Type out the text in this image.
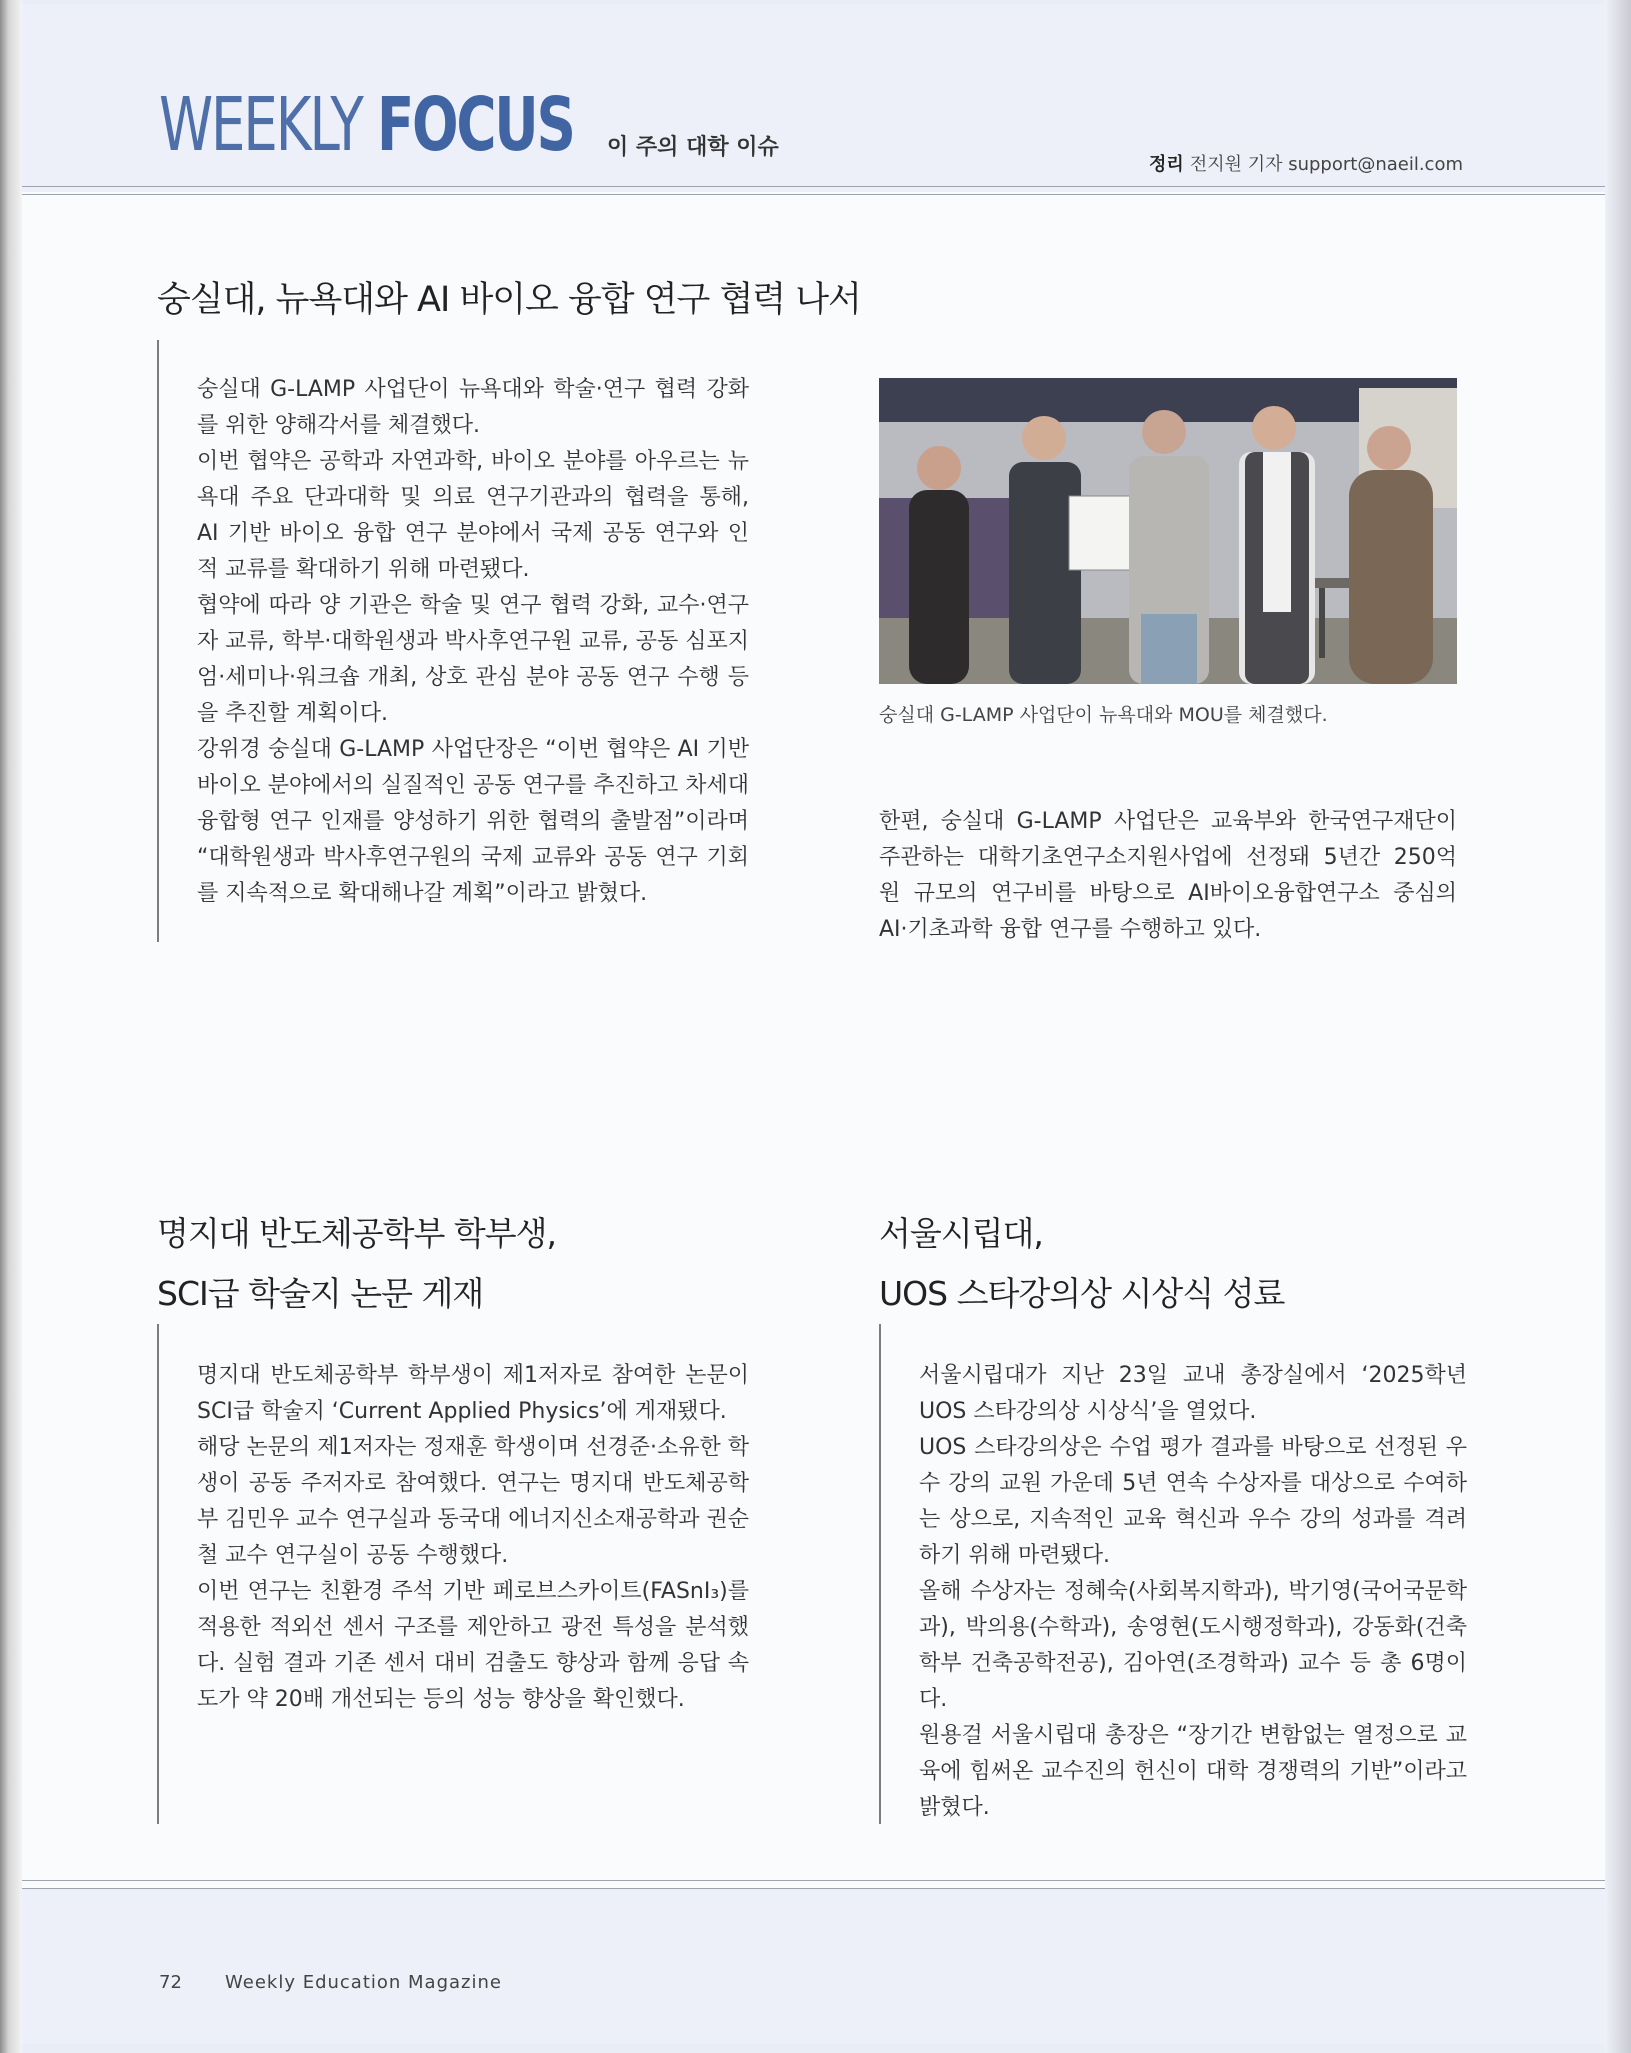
WEEKLY FOCUS 이 주의 대학 이슈
정리 전지원 기자 support@naeil.com
숭실대, 뉴욕대와 AI 바이오 융합 연구 협력 나서

숭실대 G-LAMP 사업단이 뉴욕대와 학술·연구 협력 강화를 위한 양해각서를 체결했다.

이번 협약은 공학과 자연과학, 바이오 분야를 아우르는 뉴욕대 주요 단과대학 및 의료 연구기관과의 협력을 통해, AI 기반 바이오 융합 연구 분야에서 국제 공동 연구와 인적 교류를 확대하기 위해 마련됐다.

협약에 따라 양 기관은 학술 및 연구 협력 강화, 교수·연구자 교류, 학부·대학원생과 박사후연구원 교류, 공동 심포지엄·세미나·워크숍 개최, 상호 관심 분야 공동 연구 수행 등을 추진할 계획이다.

강위경 숭실대 G-LAMP 사업단장은 “이번 협약은 AI 기반 바이오 분야에서의 실질적인 공동 연구를 추진하고 차세대 융합형 연구 인재를 양성하기 위한 협력의 출발점”이라며 “대학원생과 박사후연구원의 국제 교류와 공동 연구 기회를 지속적으로 확대해나갈 계획”이라고 밝혔다.

숭실대 G-LAMP 사업단이 뉴욕대와 MOU를 체결했다.

한편, 숭실대 G-LAMP 사업단은 교육부와 한국연구재단이 주관하는 대학기초연구소지원사업에 선정돼 5년간 250억 원 규모의 연구비를 바탕으로 AI바이오융합연구소 중심의 AI·기초과학 융합 연구를 수행하고 있다.

명지대 반도체공학부 학부생,
SCI급 학술지 논문 게재

명지대 반도체공학부 학부생이 제1저자로 참여한 논문이 SCI급 학술지 ‘Current Applied Physics’에 게재됐다.

해당 논문의 제1저자는 정재훈 학생이며 선경준·소유한 학생이 공동 주저자로 참여했다. 연구는 명지대 반도체공학부 김민우 교수 연구실과 동국대 에너지신소재공학과 권순철 교수 연구실이 공동 수행했다.

이번 연구는 친환경 주석 기반 페로브스카이트(FASnI₃)를 적용한 적외선 센서 구조를 제안하고 광전 특성을 분석했다. 실험 결과 기존 센서 대비 검출도 향상과 함께 응답 속도가 약 20배 개선되는 등의 성능 향상을 확인했다.

서울시립대,
UOS 스타강의상 시상식 성료

서울시립대가 지난 23일 교내 총장실에서 ‘2025학년 UOS 스타강의상 시상식’을 열었다.

UOS 스타강의상은 수업 평가 결과를 바탕으로 선정된 우수 강의 교원 가운데 5년 연속 수상자를 대상으로 수여하는 상으로, 지속적인 교육 혁신과 우수 강의 성과를 격려하기 위해 마련됐다.

올해 수상자는 정혜숙(사회복지학과), 박기영(국어국문학과), 박의용(수학과), 송영현(도시행정학과), 강동화(건축학부 건축공학전공), 김아연(조경학과) 교수 등 총 6명이다.

원용걸 서울시립대 총장은 “장기간 변함없는 열정으로 교육에 힘써온 교수진의 헌신이 대학 경쟁력의 기반”이라고 밝혔다.

72 Weekly Education Magazine
